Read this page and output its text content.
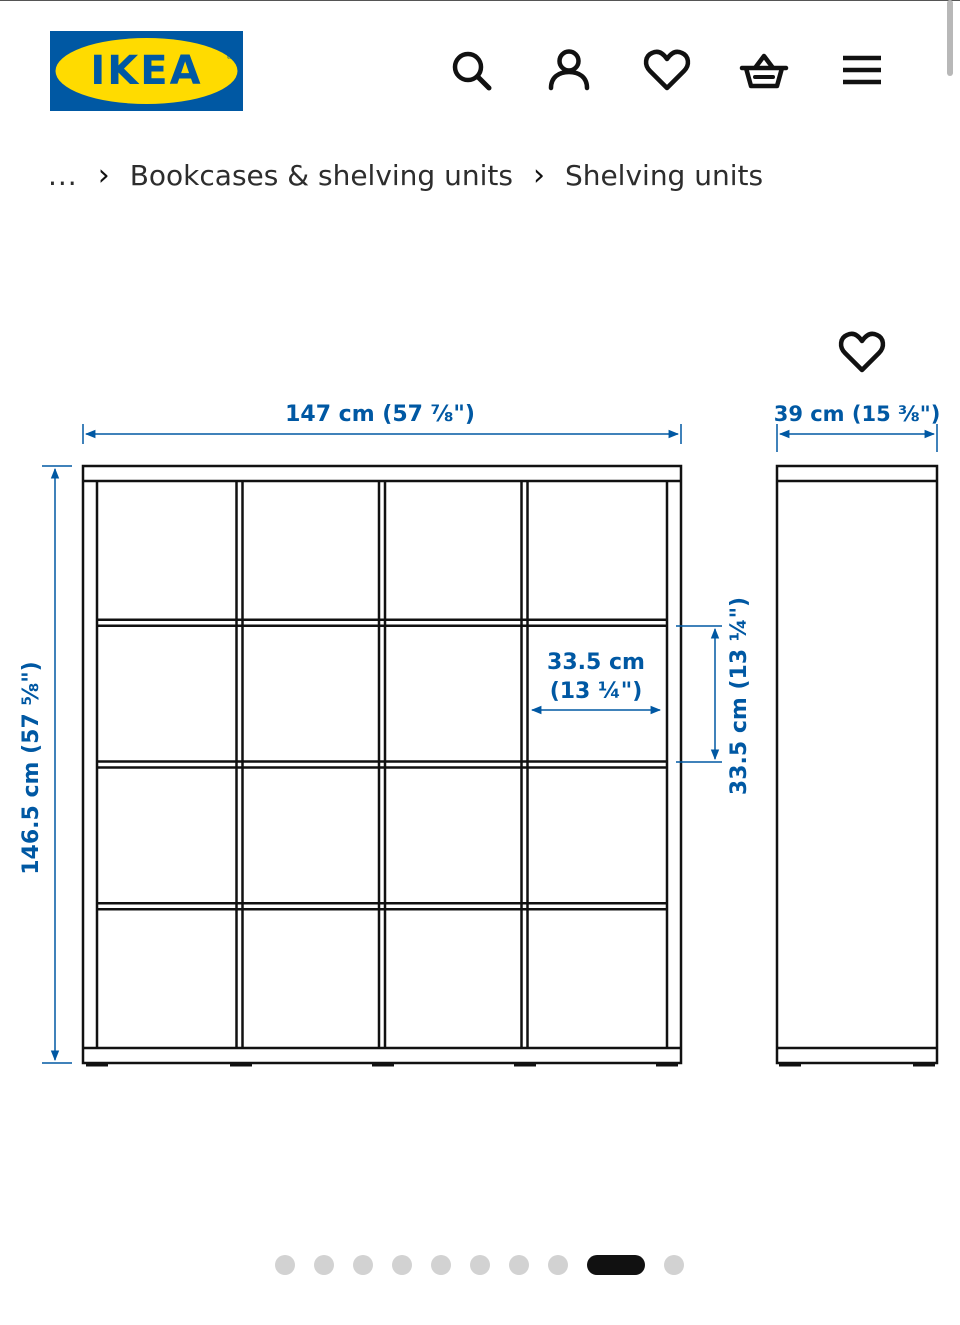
IKEA	®
... › Bookcases & shelving units › Shelving units
147 cm (57 ⅞")	39 cm (15 ⅜")
146.5 cm (57 ⅝")	33.5 cm
(13 ¼")	33.5 cm (13 ¼")
